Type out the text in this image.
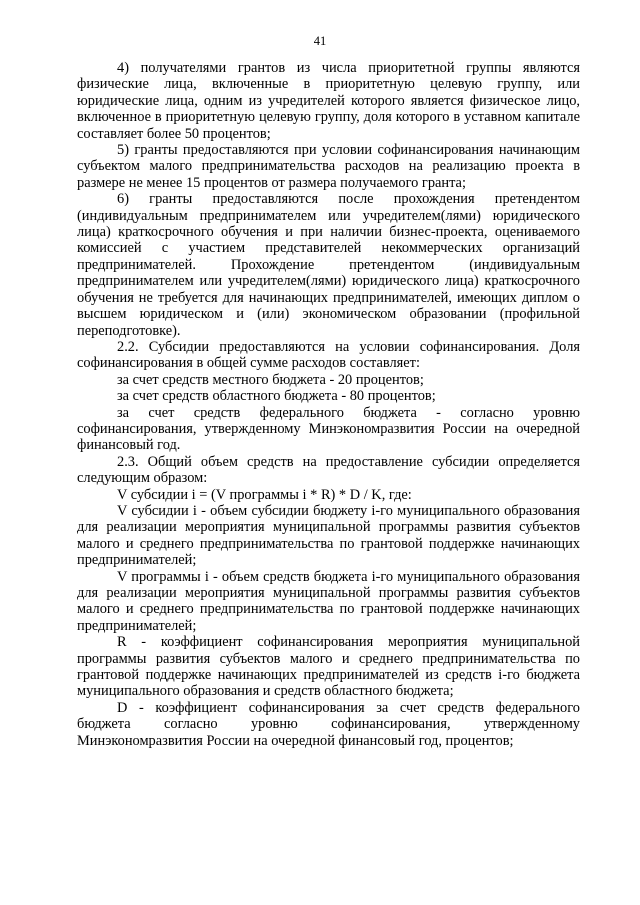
41

4) получателями грантов из числа приоритетной группы являются физические лица, включенные в приоритетную целевую группу, или юридические лица, одним из учредителей которого является физическое лицо, включенное в приоритетную целевую группу, доля которого в уставном капитале составляет более 50 процентов;

5) гранты предоставляются при условии софинансирования начинающим субъектом малого предпринимательства расходов на реализацию проекта в размере не менее 15 процентов от размера получаемого гранта;

6) гранты предоставляются после прохождения претендентом (индивидуальным предпринимателем или учредителем(лями) юридического лица) краткосрочного обучения и при наличии бизнес-проекта, оцениваемого комиссией с участием представителей некоммерческих организаций предпринимателей. Прохождение претендентом (индивидуальным предпринимателем или учредителем(лями) юридического лица) краткосрочного обучения не требуется для начинающих предпринимателей, имеющих диплом о высшем юридическом и (или) экономическом образовании (профильной переподготовке).

2.2. Субсидии предоставляются на условии софинансирования. Доля софинансирования в общей сумме расходов составляет:

за счет средств местного бюджета - 20 процентов;

за счет средств областного бюджета - 80 процентов;

за счет средств федерального бюджета - согласно уровню софинансирования, утвержденному Минэкономразвития России на очередной финансовый год.

2.3. Общий объем средств на предоставление субсидии определяется следующим образом:

V субсидии i = (V программы i * R) * D / K, где:

V субсидии i - объем субсидии бюджету i-го муниципального образования для реализации мероприятия муниципальной программы развития субъектов малого и среднего предпринимательства по грантовой поддержке начинающих предпринимателей;

V программы i - объем средств бюджета i-го муниципального образования для реализации мероприятия муниципальной программы развития субъектов малого и среднего предпринимательства по грантовой поддержке начинающих предпринимателей;

R - коэффициент софинансирования мероприятия муниципальной программы развития субъектов малого и среднего предпринимательства по грантовой поддержке начинающих предпринимателей из средств i-го бюджета муниципального образования и средств областного бюджета;

D - коэффициент софинансирования за счет средств федерального бюджета согласно уровню софинансирования, утвержденному Минэкономразвития России на очередной финансовый год, процентов;
